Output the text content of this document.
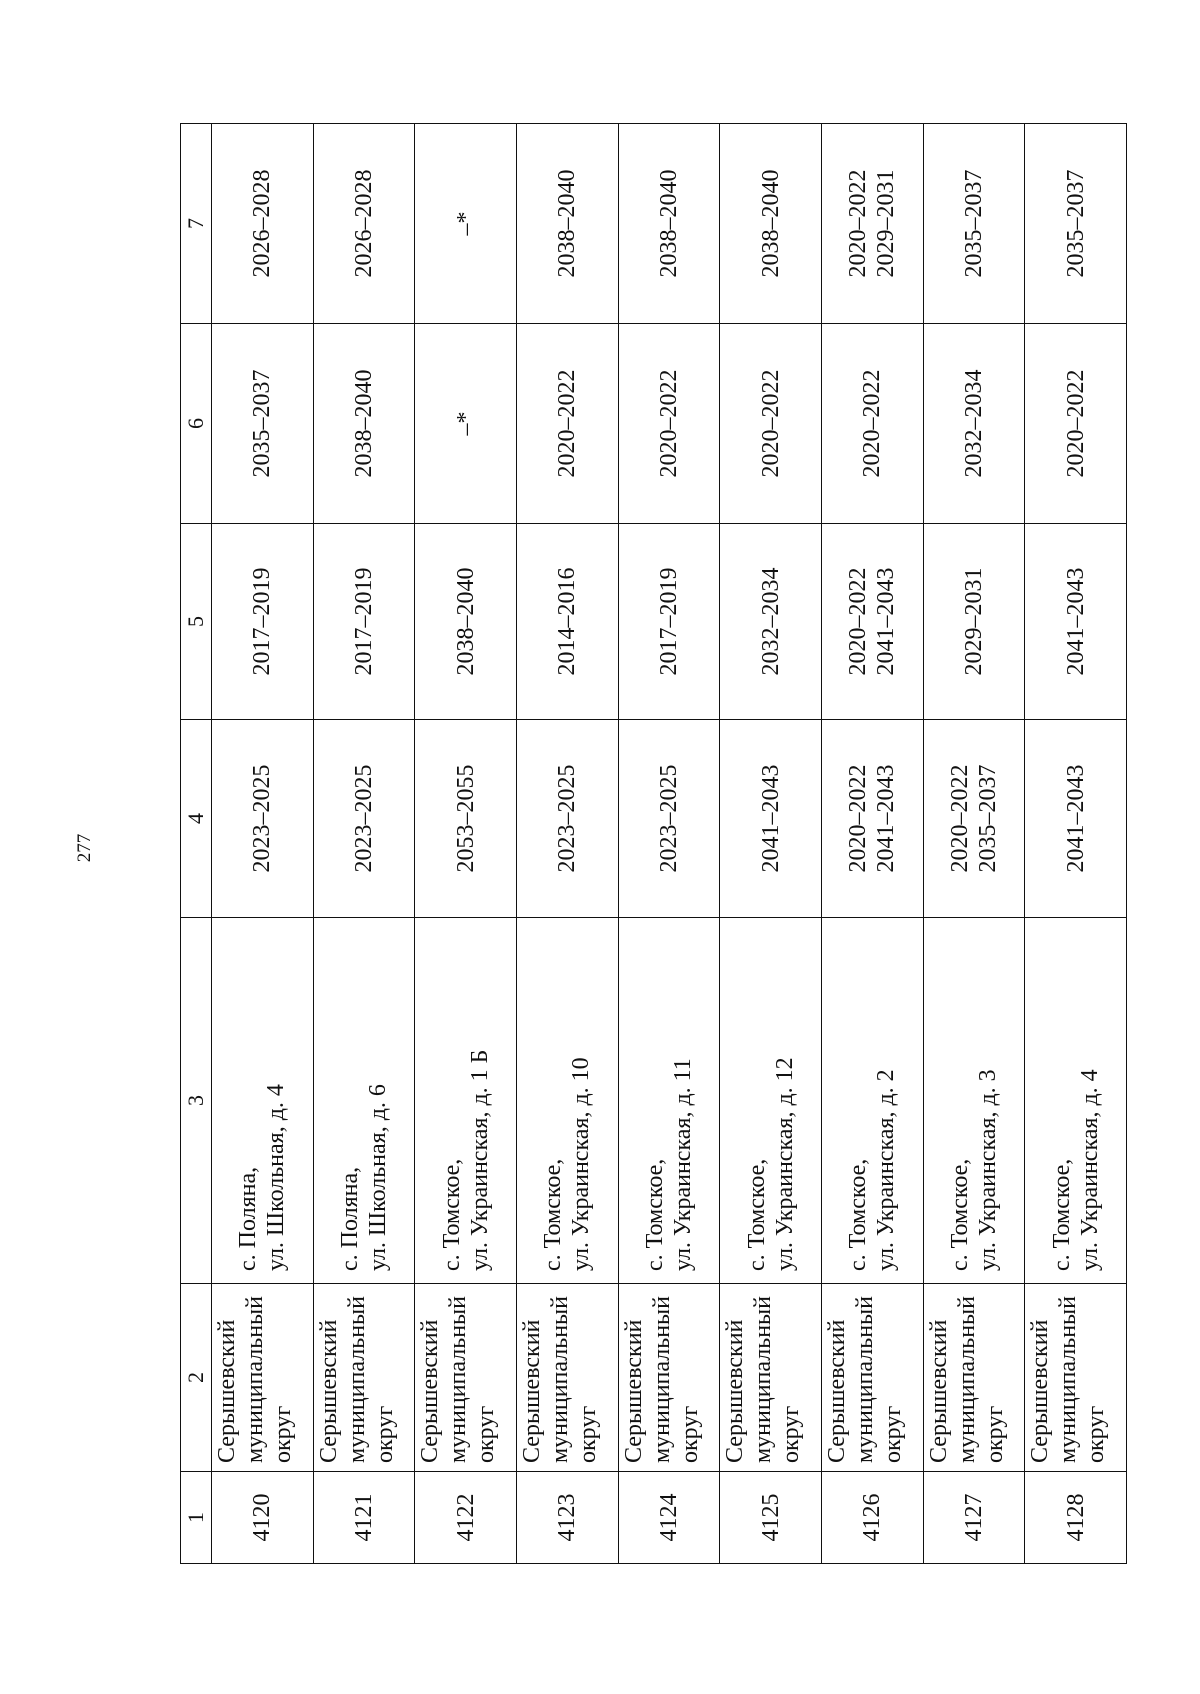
277
1	2	3	4	5	6	7
4120	Серышевский муниципальный округ	с. Поляна, ул. Школьная, д. 4	2023–2025	2017–2019	2035–2037	2026–2028

4121	Серышевский муниципальный округ	с. Поляна, ул. Школьная, д. 6	2023–2025	2017–2019	2038–2040	2026–2028

4122	Серышевский муниципальный округ	с. Томское, ул. Украинская, д. 1 Б	2053–2055	2038–2040	–*	–*

4123	Серышевский муниципальный округ	с. Томское, ул. Украинская, д. 10	2023–2025	2014–2016	2020–2022	2038–2040

4124	Серышевский муниципальный округ	с. Томское, ул. Украинская, д. 11	2023–2025	2017–2019	2020–2022	2038–2040

4125	Серышевский муниципальный округ	с. Томское, ул. Украинская, д. 12	2041–2043	2032–2034	2020–2022	2038–2040

4126	Серышевский муниципальный округ	с. Томское, ул. Украинская, д. 2	2020–2022 2041–2043	2020–2022 2041–2043	2020–2022	2020–2022 2029–2031

4127	Серышевский муниципальный округ	с. Томское, ул. Украинская, д. 3	2020–2022 2035–2037	2029–2031	2032–2034	2035–2037

4128	Серышевский муниципальный округ	с. Томское, ул. Украинская, д. 4	2041–2043	2041–2043	2020–2022	2035–2037
